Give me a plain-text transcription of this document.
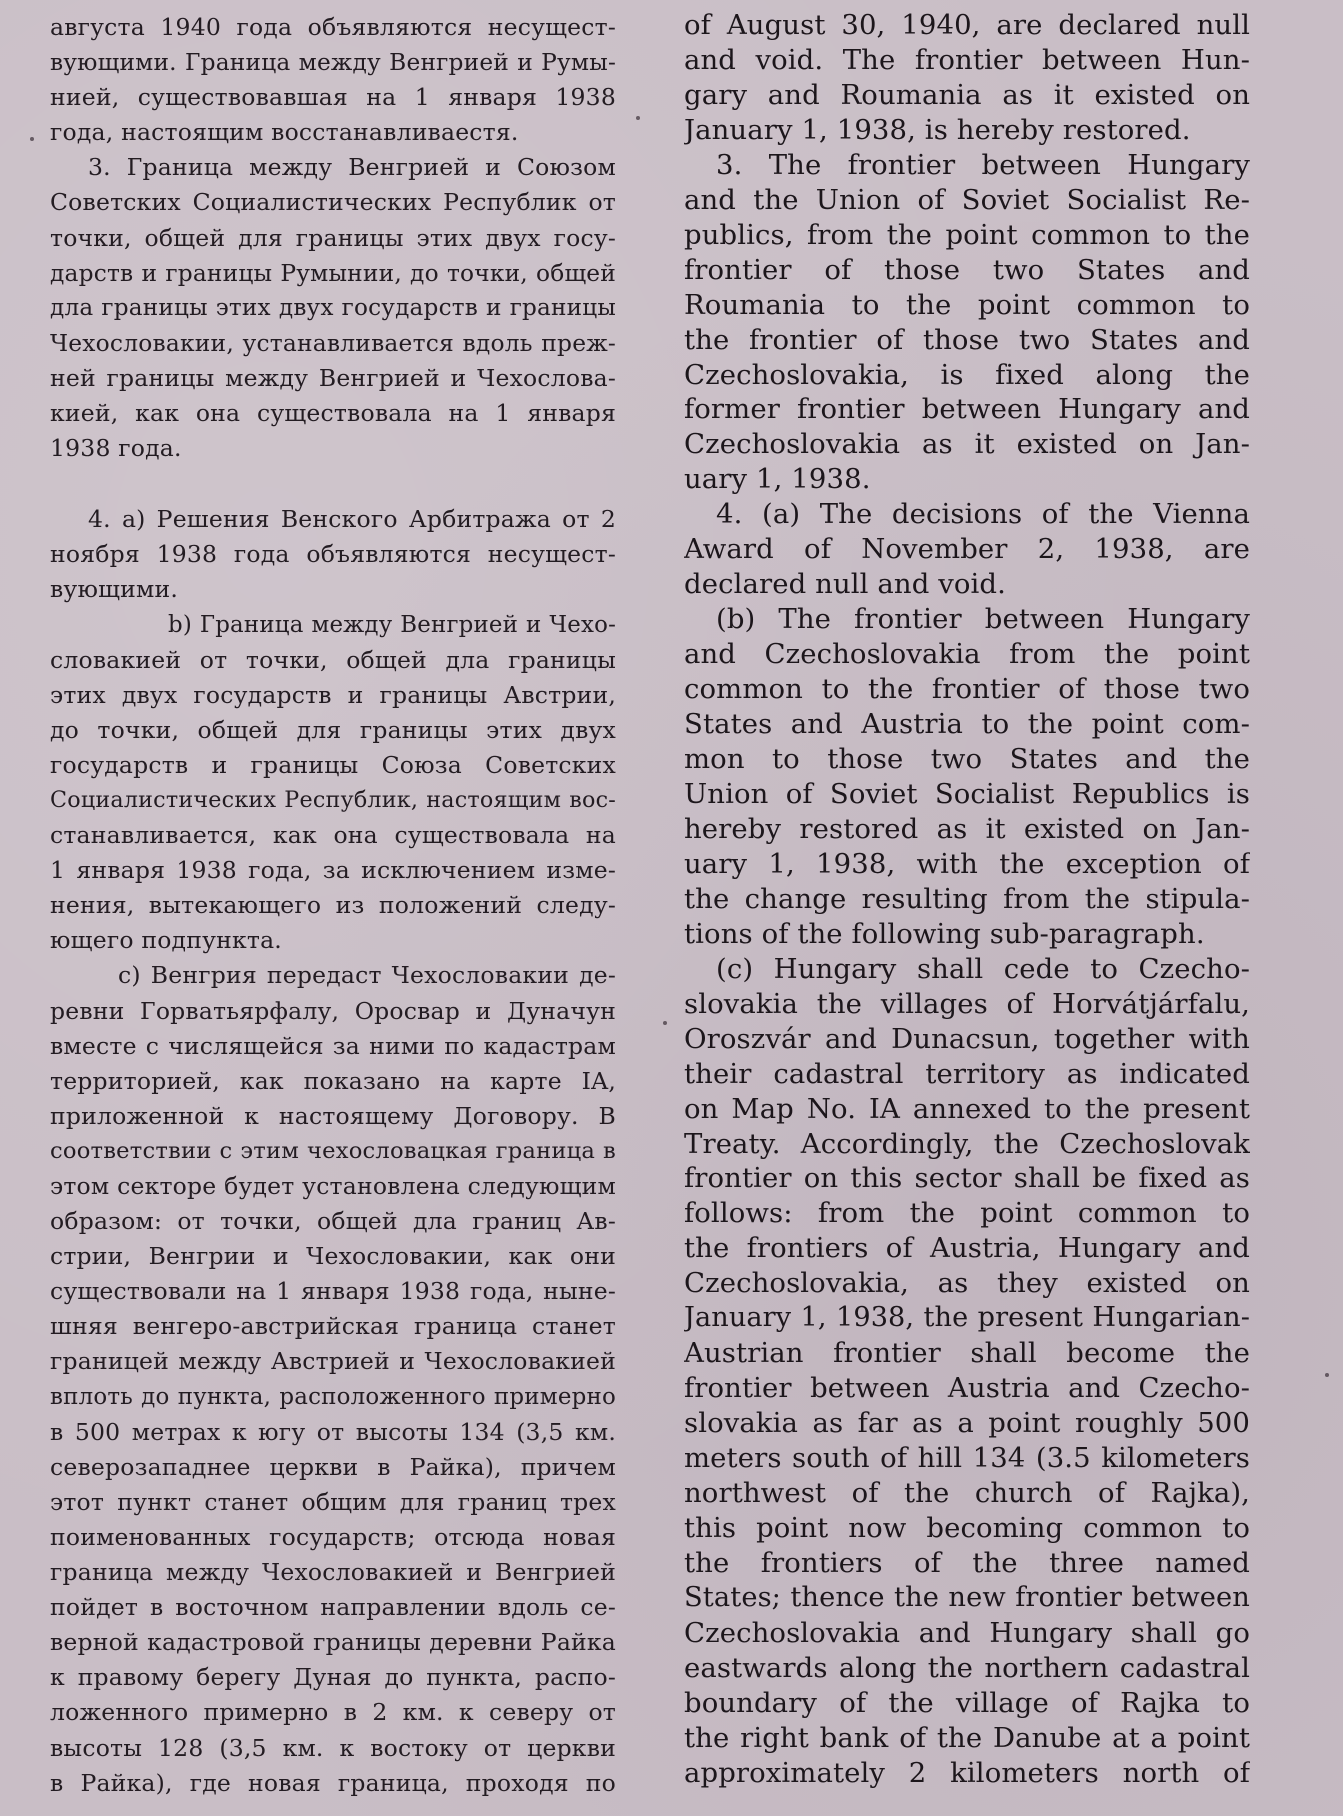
августа 1940 года объявляются несущест-
вующими. Граница между Венгрией и Румы-
нией, существовавшая на 1 января 1938
года, настоящим восстанавливаестя.
3. Граница между Венгрией и Союзом
Советских Социалистических Республик от
точки, общей для границы этих двух госу-
дарств и границы Румынии, до точки, общей
дла границы этих двух государств и границы
Чехословакии, устанавливается вдоль преж-
ней границы между Венгрией и Чехослова-
кией, как она существовала на 1 января
1938 года.
4. а) Решения Венского Арбитража от 2
ноября 1938 года объявляются несущест-
вующими.
b) Граница между Венгрией и Чехо-
словакией от точки, общей дла границы
этих двух государств и границы Австрии,
до точки, общей для границы этих двух
государств и границы Союза Советских
Социалистических Республик, настоящим вос-
станавливается, как она существовала на
1 января 1938 года, за исключением изме-
нения, вытекающего из положений следу-
ющего подпункта.
с) Венгрия передаст Чехословакии де-
ревни Горватьярфалу, Оросвар и Дуначун
вместе с числящейся за ними по кадастрам
территорией, как показано на карте IA,
приложенной к настоящему Договору. В
соответствии с этим чехословацкая граница в
этом секторе будет установлена следующим
образом: от точки, общей дла границ Ав-
стрии, Венгрии и Чехословакии, как они
существовали на 1 января 1938 года, ныне-
шняя венгеро-австрийская граница станет
границей между Австрией и Чехословакией
вплоть до пункта, расположенного примерно
в 500 метрах к югу от высоты 134 (3,5 км.
северозападнее церкви в Райка), причем
этот пункт станет общим для границ трех
поименованных государств; отсюда новая
граница между Чехословакией и Венгрией
пойдет в восточном направлении вдоль се-
верной кадастровой границы деревни Райка
к правому берегу Дуная до пункта, распо-
ложенного примерно в 2 км. к северу от
высоты 128 (3,5 км. к востоку от церкви
в Райка), где новая граница, проходя по
of August 30, 1940, are declared null
and void. The frontier between Hun-
gary and Roumania as it existed on
January 1, 1938, is hereby restored.
3. The frontier between Hungary
and the Union of Soviet Socialist Re-
publics, from the point common to the
frontier of those two States and
Roumania to the point common to
the frontier of those two States and
Czechoslovakia, is fixed along the
former frontier between Hungary and
Czechoslovakia as it existed on Jan-
uary 1, 1938.
4. (a) The decisions of the Vienna
Award of November 2, 1938, are
declared null and void.
(b) The frontier between Hungary
and Czechoslovakia from the point
common to the frontier of those two
States and Austria to the point com-
mon to those two States and the
Union of Soviet Socialist Republics is
hereby restored as it existed on Jan-
uary 1, 1938, with the exception of
the change resulting from the stipula-
tions of the following sub-paragraph.
(c) Hungary shall cede to Czecho-
slovakia the villages of Horvátjárfalu,
Oroszvár and Dunacsun, together with
their cadastral territory as indicated
on Map No. IA annexed to the present
Treaty. Accordingly, the Czechoslovak
frontier on this sector shall be fixed as
follows: from the point common to
the frontiers of Austria, Hungary and
Czechoslovakia, as they existed on
January 1, 1938, the present Hungarian-
Austrian frontier shall become the
frontier between Austria and Czecho-
slovakia as far as a point roughly 500
meters south of hill 134 (3.5 kilometers
northwest of the church of Rajka),
this point now becoming common to
the frontiers of the three named
States; thence the new frontier between
Czechoslovakia and Hungary shall go
eastwards along the northern cadastral
boundary of the village of Rajka to
the right bank of the Danube at a point
approximately 2 kilometers north of
